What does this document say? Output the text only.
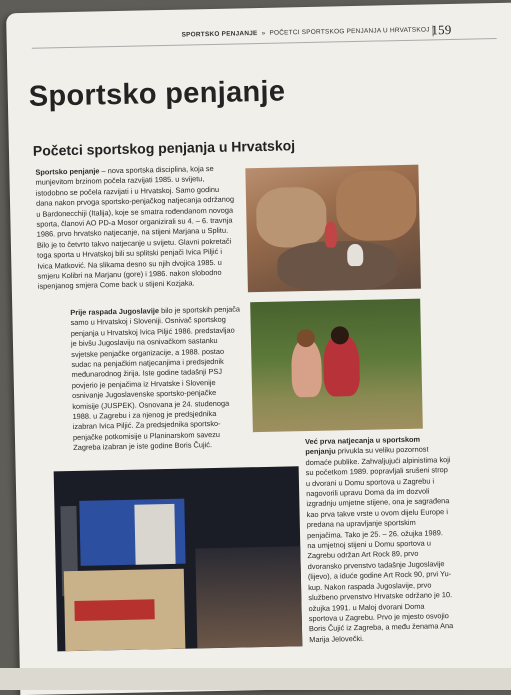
SPORTSKO PENJANJE » POČETCI SPORTSKOG PENJANJA U HRVATSKOJ 159
Sportsko penjanje
Početci sportskog penjanja u Hrvatskoj
Sportsko penjanje – nova sportska disciplina, koja se munjevitom brzinom počela razvijati 1985. u svijetu, istodobno se počela razvijati i u Hrvatskoj. Samo godinu dana nakon prvoga sportsko-penjačkog natjecanja održanog u Bardonecchiji (Italija), koje se smatra rođendanom novoga sporta, članovi AO PD-a Mosor organizirali su 4. – 6. travnja 1986. prvo hrvatsko natjecanje, na stijeni Marjana u Splitu. Bilo je to četvrto takvo natjecanje u svijetu. Glavni pokretači toga sporta u Hrvatskoj bili su splitski penjači Ivica Piljić i Ivica Matković. Na slikama desno su njih dvojica 1985. u smjeru Kolibri na Marjanu (gore) i 1986. nakon slobodno ispenjanog smjera Come back u stijeni Kozjaka.
Prije raspada Jugoslavije bilo je sportskih penjača samo u Hrvatskoj i Sloveniji. Osnivač sportskog penjanja u Hrvatskoj Ivica Piljić 1986. predstavljao je bivšu Jugoslaviju na osnivačkom sastanku svjetske penjačke organizacije, a 1988. postao sudac na penjačkim natjecanjima i predsjednik međunarodnog žirija. Iste godine tadašnji PSJ povjerio je penjačima iz Hrvatske i Slovenije osnivanje Jugoslavenske sportsko-penjačke komisije (JUSPEK). Osnovana je 24. studenoga 1988. u Zagrebu i za njenog je predsjednika izabran Ivica Piljić. Za predsjednika sportsko-penjačke potkomisije u Planinarskom savezu Zagreba izabran je iste godine Boris Čujić.	Već prva natjecanja u sportskom penjanju privukla su veliku pozornost domaće publike. Zahvaljujući alpinistima koji su početkom 1989. popravljali srušeni strop u dvorani u Domu sportova u Zagrebu i nagovorili upravu Doma da im dozvoli izgradnju umjetne stijene, ona je sagrađena kao prva takve vrste u ovom dijelu Europe i predana na upravljanje sportskim penjačima. Tako je 25. – 26. ožujka 1989. na umjetnoj stijeni u Domu sportova u Zagrebu održan Art Rock 89, prvo dvoransko prvenstvo tadašnje Jugoslavije (lijevo), a iduće godine Art Rock 90, prvi Yu-kup. Nakon raspada Jugoslavije, prvo službeno prvenstvo Hrvatske održano je 10. ožujka 1991. u Maloj dvorani Doma sportova u Zagrebu. Prvo je mjesto osvojio Boris Čujić iz Zagreba, a među ženama Ana Marija Jelovečki.
